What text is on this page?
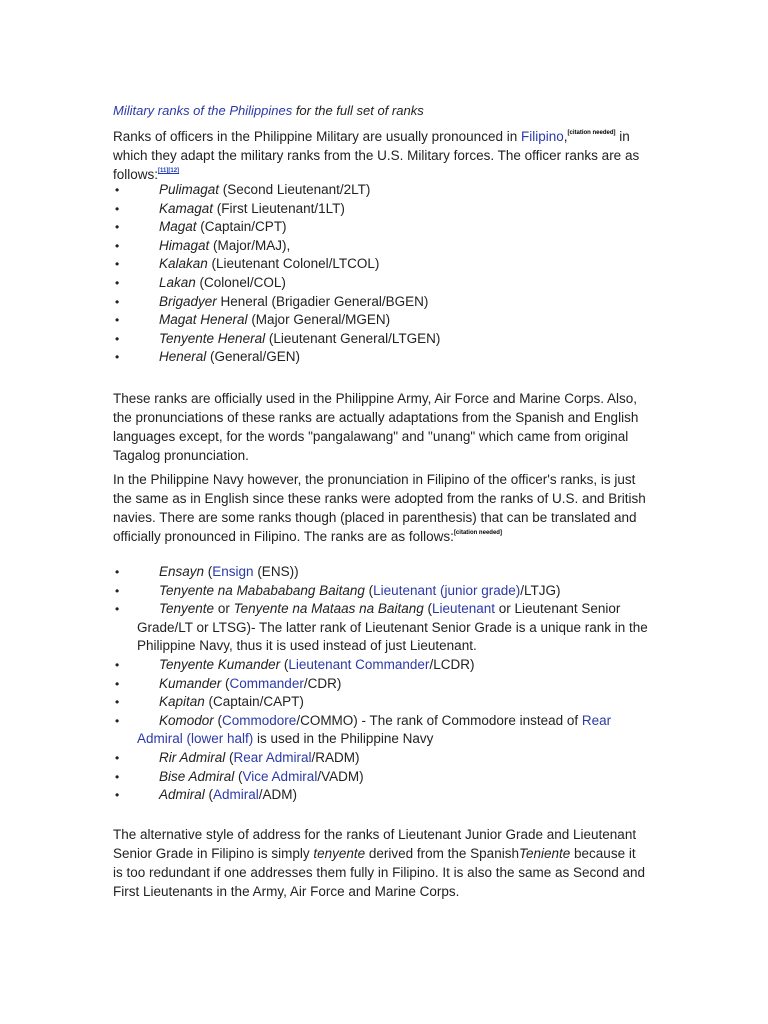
Military ranks of the Philippines for the full set of ranks

Ranks of officers in the Philippine Military are usually pronounced in Filipino,[citation needed] in which they adapt the military ranks from the U.S. Military forces. The officer ranks are as follows:[11][12]

•	Pulimagat (Second Lieutenant/2LT)
•	Kamagat (First Lieutenant/1LT)
•	Magat (Captain/CPT)
•	Himagat (Major/MAJ),
•	Kalakan (Lieutenant Colonel/LTCOL)
•	Lakan (Colonel/COL)
•	Brigadyer Heneral (Brigadier General/BGEN)
•	Magat Heneral (Major General/MGEN)
•	Tenyente Heneral (Lieutenant General/LTGEN)
•	Heneral (General/GEN)

These ranks are officially used in the Philippine Army, Air Force and Marine Corps. Also, the pronunciations of these ranks are actually adaptations from the Spanish and English languages except, for the words "pangalawang" and "unang" which came from original Tagalog pronunciation.

In the Philippine Navy however, the pronunciation in Filipino of the officer's ranks, is just the same as in English since these ranks were adopted from the ranks of U.S. and British navies. There are some ranks though (placed in parenthesis) that can be translated and officially pronounced in Filipino. The ranks are as follows:[citation needed]

•	Ensayn (Ensign (ENS))
•	Tenyente na Mabababang Baitang (Lieutenant (junior grade)/LTJG)
•	Tenyente or Tenyente na Mataas na Baitang (Lieutenant or Lieutenant Senior Grade/LT or LTSG)- The latter rank of Lieutenant Senior Grade is a unique rank in the Philippine Navy, thus it is used instead of just Lieutenant.
•	Tenyente Kumander (Lieutenant Commander/LCDR)
•	Kumander (Commander/CDR)
•	Kapitan (Captain/CAPT)
•	Komodor (Commodore/COMMO) - The rank of Commodore instead of Rear Admiral (lower half) is used in the Philippine Navy
•	Rir Admiral (Rear Admiral/RADM)
•	Bise Admiral (Vice Admiral/VADM)
•	Admiral (Admiral/ADM)

The alternative style of address for the ranks of Lieutenant Junior Grade and Lieutenant Senior Grade in Filipino is simply tenyente derived from the SpanishTeniente because it is too redundant if one addresses them fully in Filipino. It is also the same as Second and First Lieutenants in the Army, Air Force and Marine Corps.
